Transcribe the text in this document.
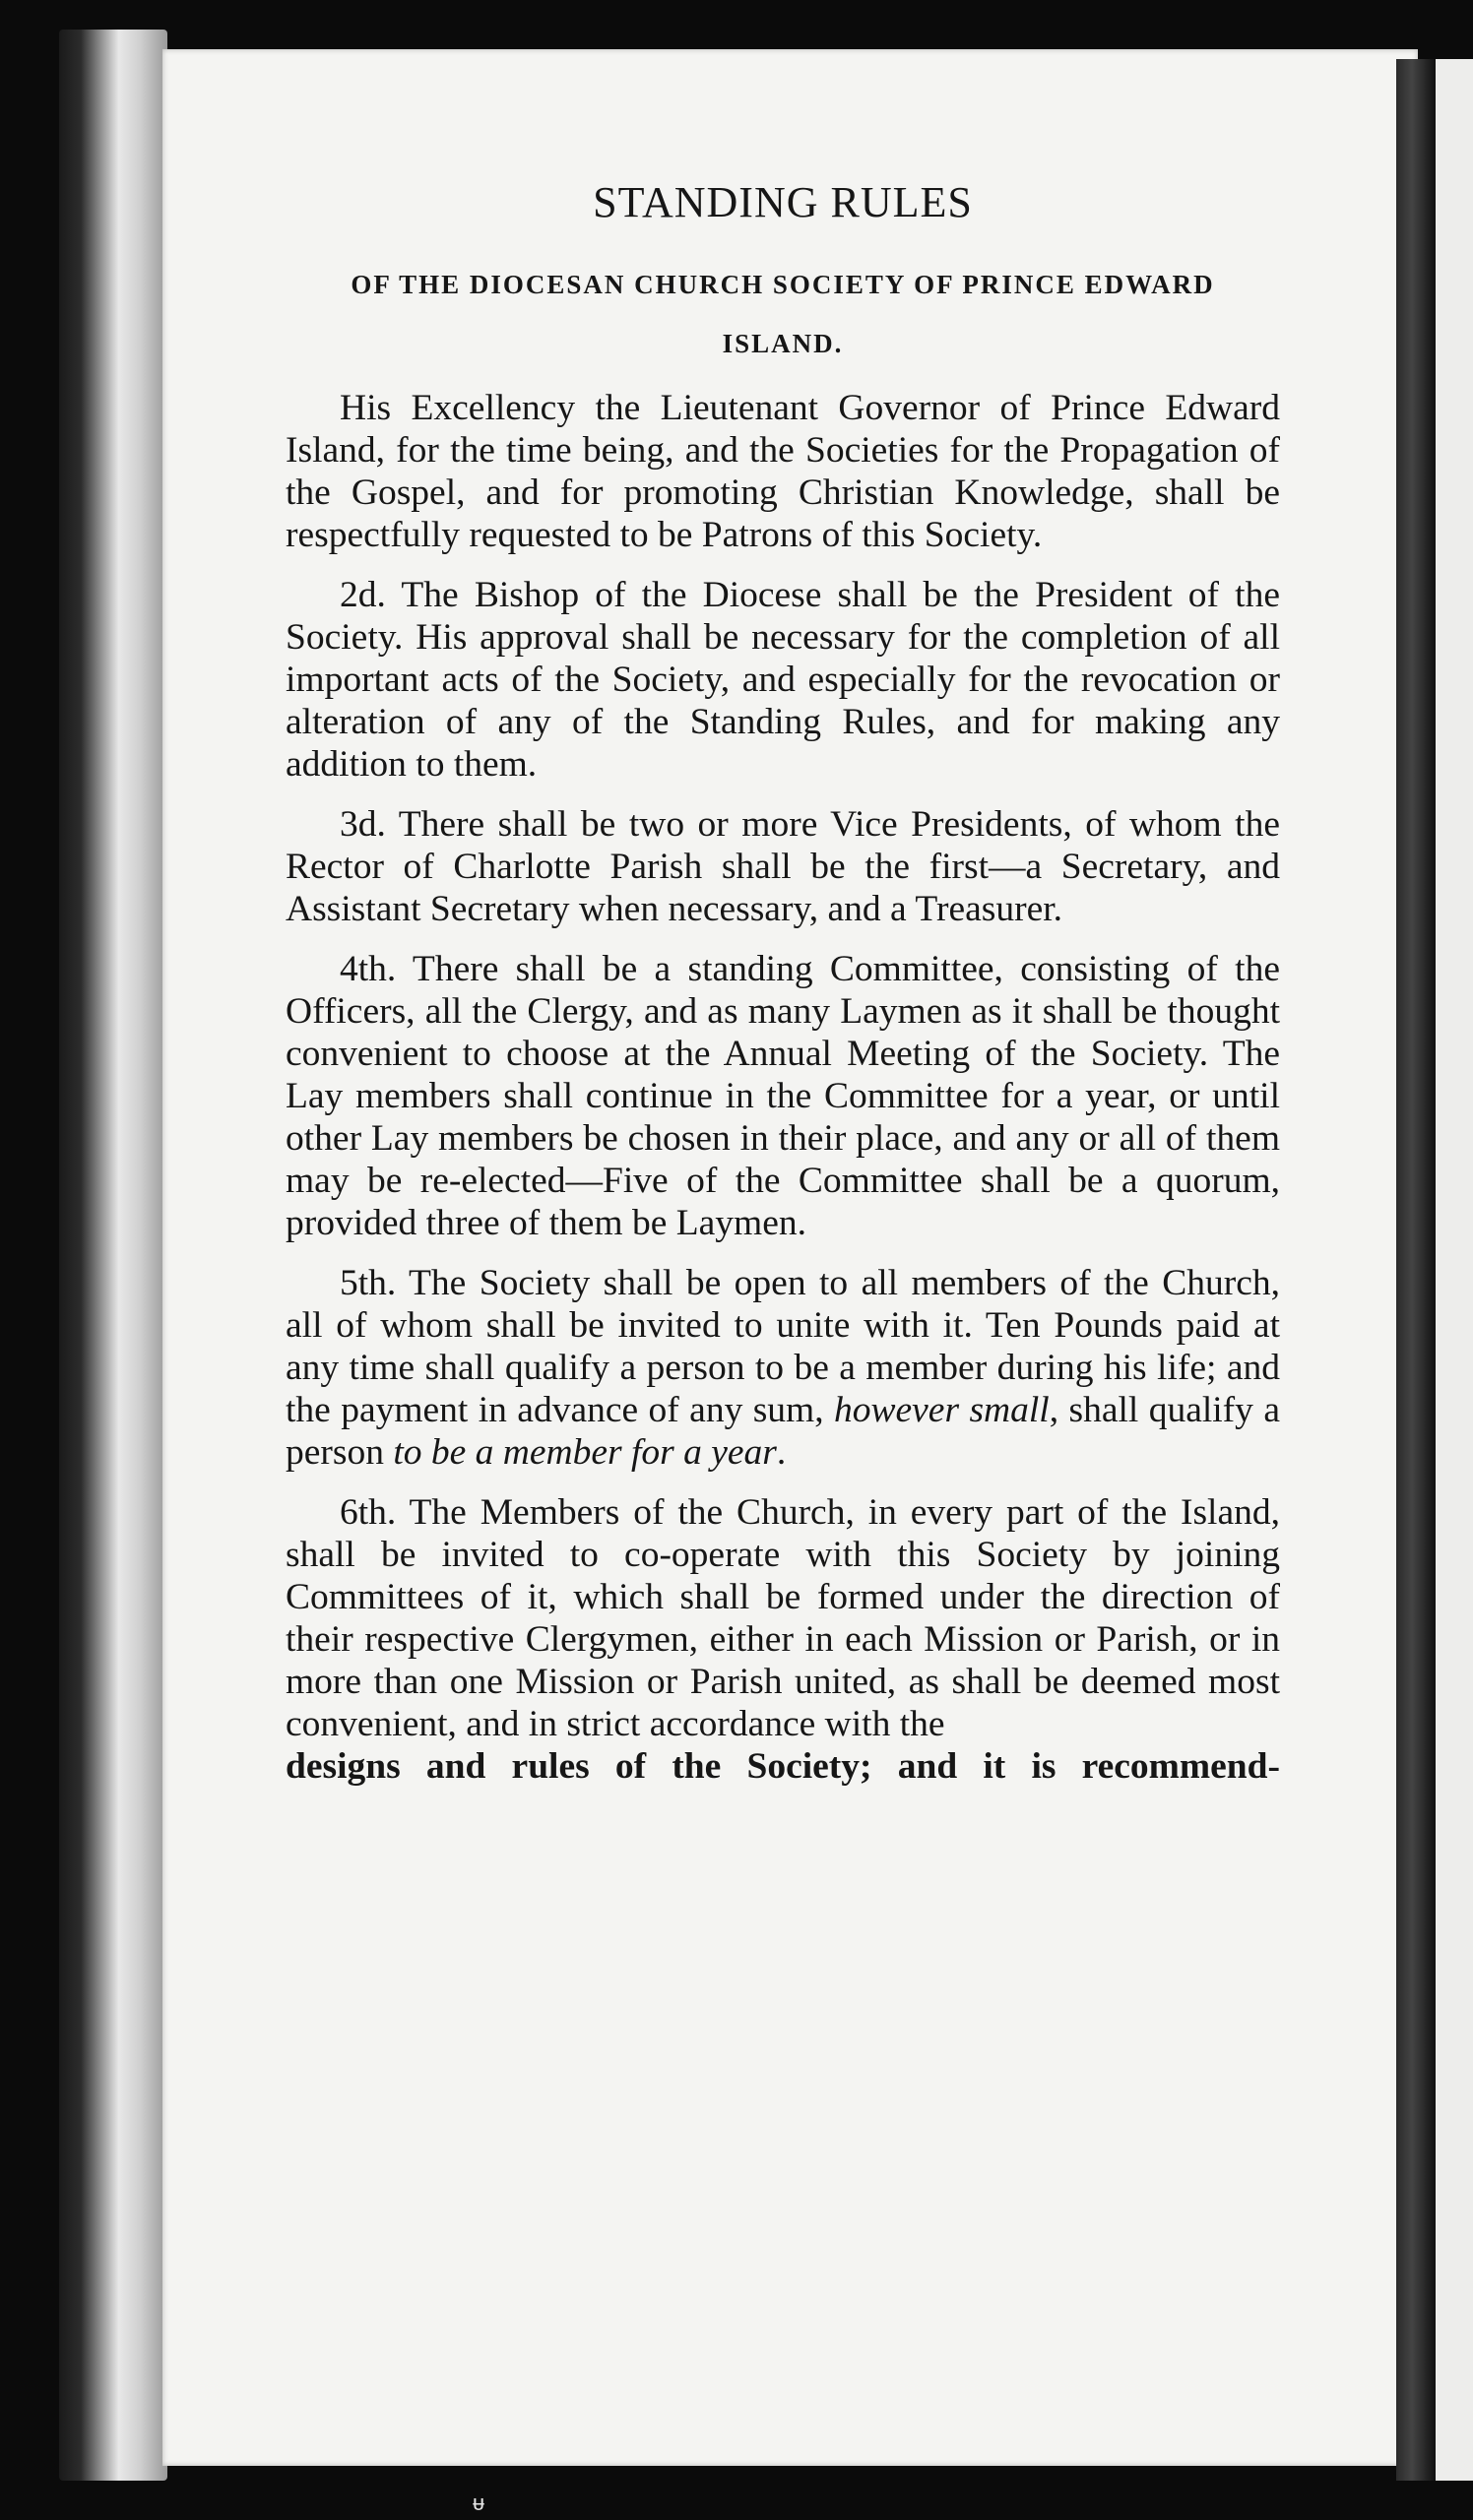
STANDING RULES
OF THE DIOCESAN CHURCH SOCIETY OF PRINCE EDWARD ISLAND.

His Excellency the Lieutenant Governor of Prince Edward Island, for the time being, and the Societies for the Propagation of the Gospel, and for promoting Christian Knowledge, shall be respectfully requested to be Patrons of this Society.

2d. The Bishop of the Diocese shall be the President of the Society. His approval shall be necessary for the completion of all important acts of the Society, and especially for the revocation or alteration of any of the Standing Rules, and for making any addition to them.

3d. There shall be two or more Vice Presidents, of whom the Rector of Charlotte Parish shall be the first—a Secretary, and Assistant Secretary when necessary, and a Treasurer.

4th. There shall be a standing Committee, consisting of the Officers, all the Clergy, and as many Laymen as it shall be thought convenient to choose at the Annual Meeting of the Society. The Lay members shall continue in the Committee for a year, or until other Lay members be chosen in their place, and any or all of them may be re-elected—Five of the Committee shall be a quorum, provided three of them be Laymen.

5th. The Society shall be open to all members of the Church, all of whom shall be invited to unite with it. Ten Pounds paid at any time shall qualify a person to be a member during his life; and the payment in advance of any sum, however small, shall qualify a person to be a member for a year.

6th. The Members of the Church, in every part of the Island, shall be invited to co-operate with this Society by joining Committees of it, which shall be formed under the direction of their respective Clergymen, either in each Mission or Parish, or in more than one Mission or Parish united, as shall be deemed most convenient, and in strict accordance with the

designs and rules of the Society; and it is recommend-

ᵾ
